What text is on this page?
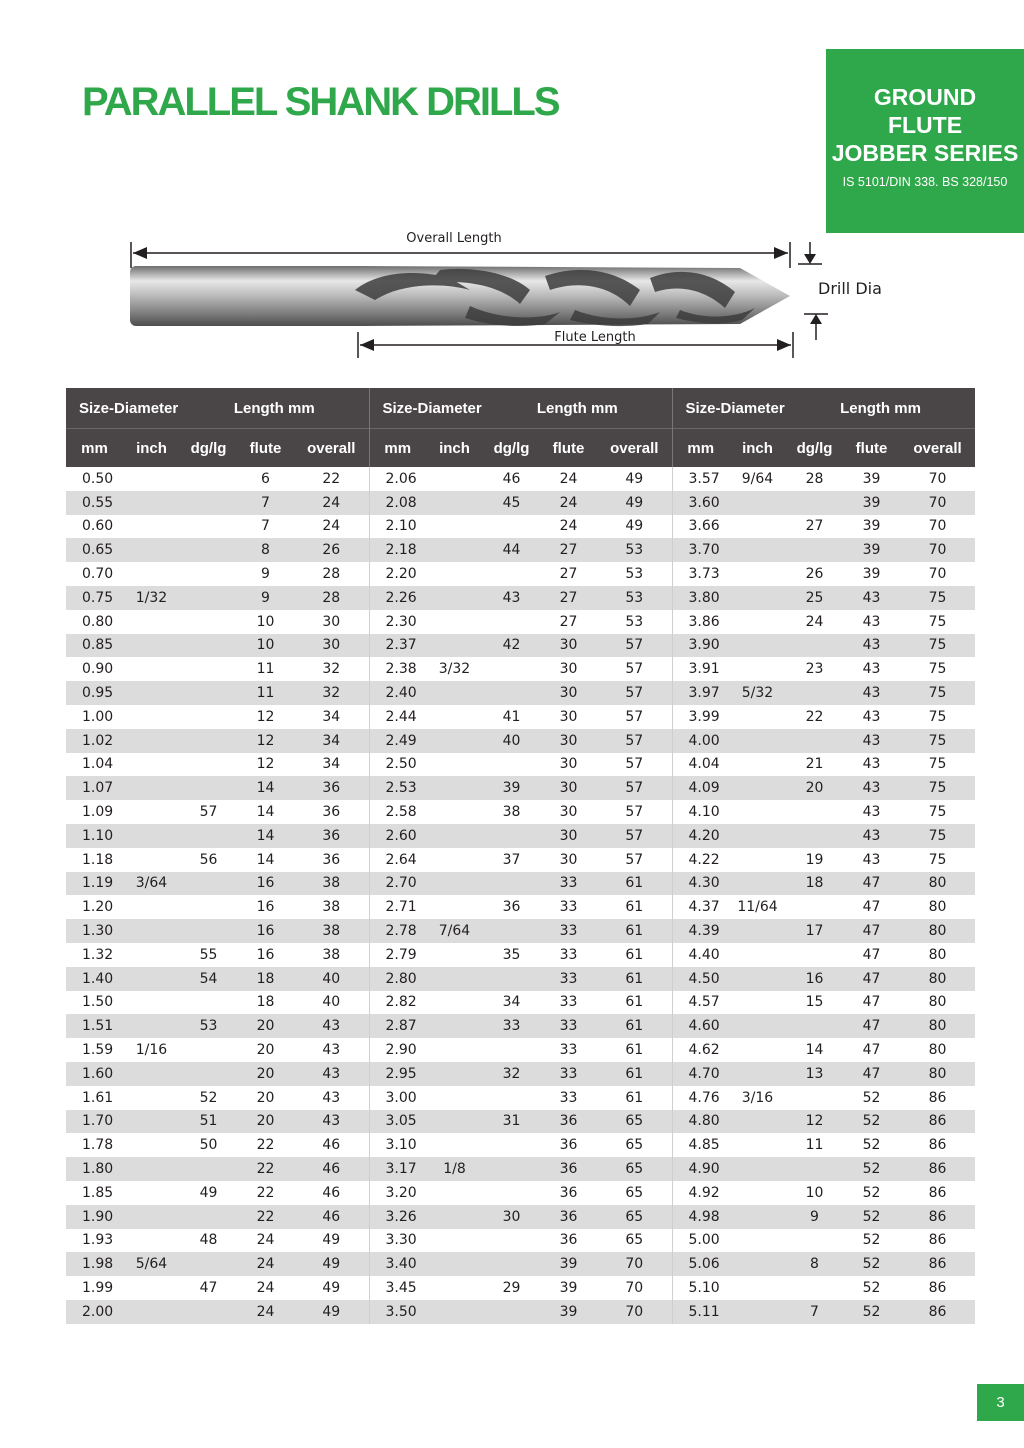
PARALLEL SHANK DRILLS	GROUND
FLUTE
JOBBER SERIES
IS 5101/DIN 338. BS 328/150
Overall Length
Drill Dia
Flute Length
Size-Diameter		Length mm			Size-Diameter		Length mm			Size-Diameter		Length mm		
mm	inch	dg/lg	flute	overall	mm	inch	dg/lg	flute	overall	mm	inch	dg/lg	flute	overall
0.50			6	22	2.06		46	24	49	3.57	9/64	28	39	70
0.55			7	24	2.08		45	24	49	3.60			39	70
0.60			7	24	2.10			24	49	3.66		27	39	70
0.65			8	26	2.18		44	27	53	3.70			39	70
0.70			9	28	2.20			27	53	3.73		26	39	70
0.75	1/32		9	28	2.26		43	27	53	3.80		25	43	75
0.80			10	30	2.30			27	53	3.86		24	43	75
0.85			10	30	2.37		42	30	57	3.90			43	75
0.90			11	32	2.38	3/32		30	57	3.91		23	43	75
0.95			11	32	2.40			30	57	3.97	5/32		43	75
1.00			12	34	2.44		41	30	57	3.99		22	43	75
1.02			12	34	2.49		40	30	57	4.00			43	75
1.04			12	34	2.50			30	57	4.04		21	43	75
1.07			14	36	2.53		39	30	57	4.09		20	43	75
1.09		57	14	36	2.58		38	30	57	4.10			43	75
1.10			14	36	2.60			30	57	4.20			43	75
1.18		56	14	36	2.64		37	30	57	4.22		19	43	75
1.19	3/64		16	38	2.70			33	61	4.30		18	47	80
1.20			16	38	2.71		36	33	61	4.37	11/64		47	80
1.30			16	38	2.78	7/64		33	61	4.39		17	47	80
1.32		55	16	38	2.79		35	33	61	4.40			47	80
1.40		54	18	40	2.80			33	61	4.50		16	47	80
1.50			18	40	2.82		34	33	61	4.57		15	47	80
1.51		53	20	43	2.87		33	33	61	4.60			47	80
1.59	1/16		20	43	2.90			33	61	4.62		14	47	80
1.60			20	43	2.95		32	33	61	4.70		13	47	80
1.61		52	20	43	3.00			33	61	4.76	3/16		52	86
1.70		51	20	43	3.05		31	36	65	4.80		12	52	86
1.78		50	22	46	3.10			36	65	4.85		11	52	86
1.80			22	46	3.17	1/8		36	65	4.90			52	86
1.85		49	22	46	3.20			36	65	4.92		10	52	86
1.90			22	46	3.26		30	36	65	4.98		9	52	86
1.93		48	24	49	3.30			36	65	5.00			52	86
1.98	5/64		24	49	3.40			39	70	5.06		8	52	86
1.99		47	24	49	3.45		29	39	70	5.10			52	86
2.00			24	49	3.50			39	70	5.11		7	52	86
3
